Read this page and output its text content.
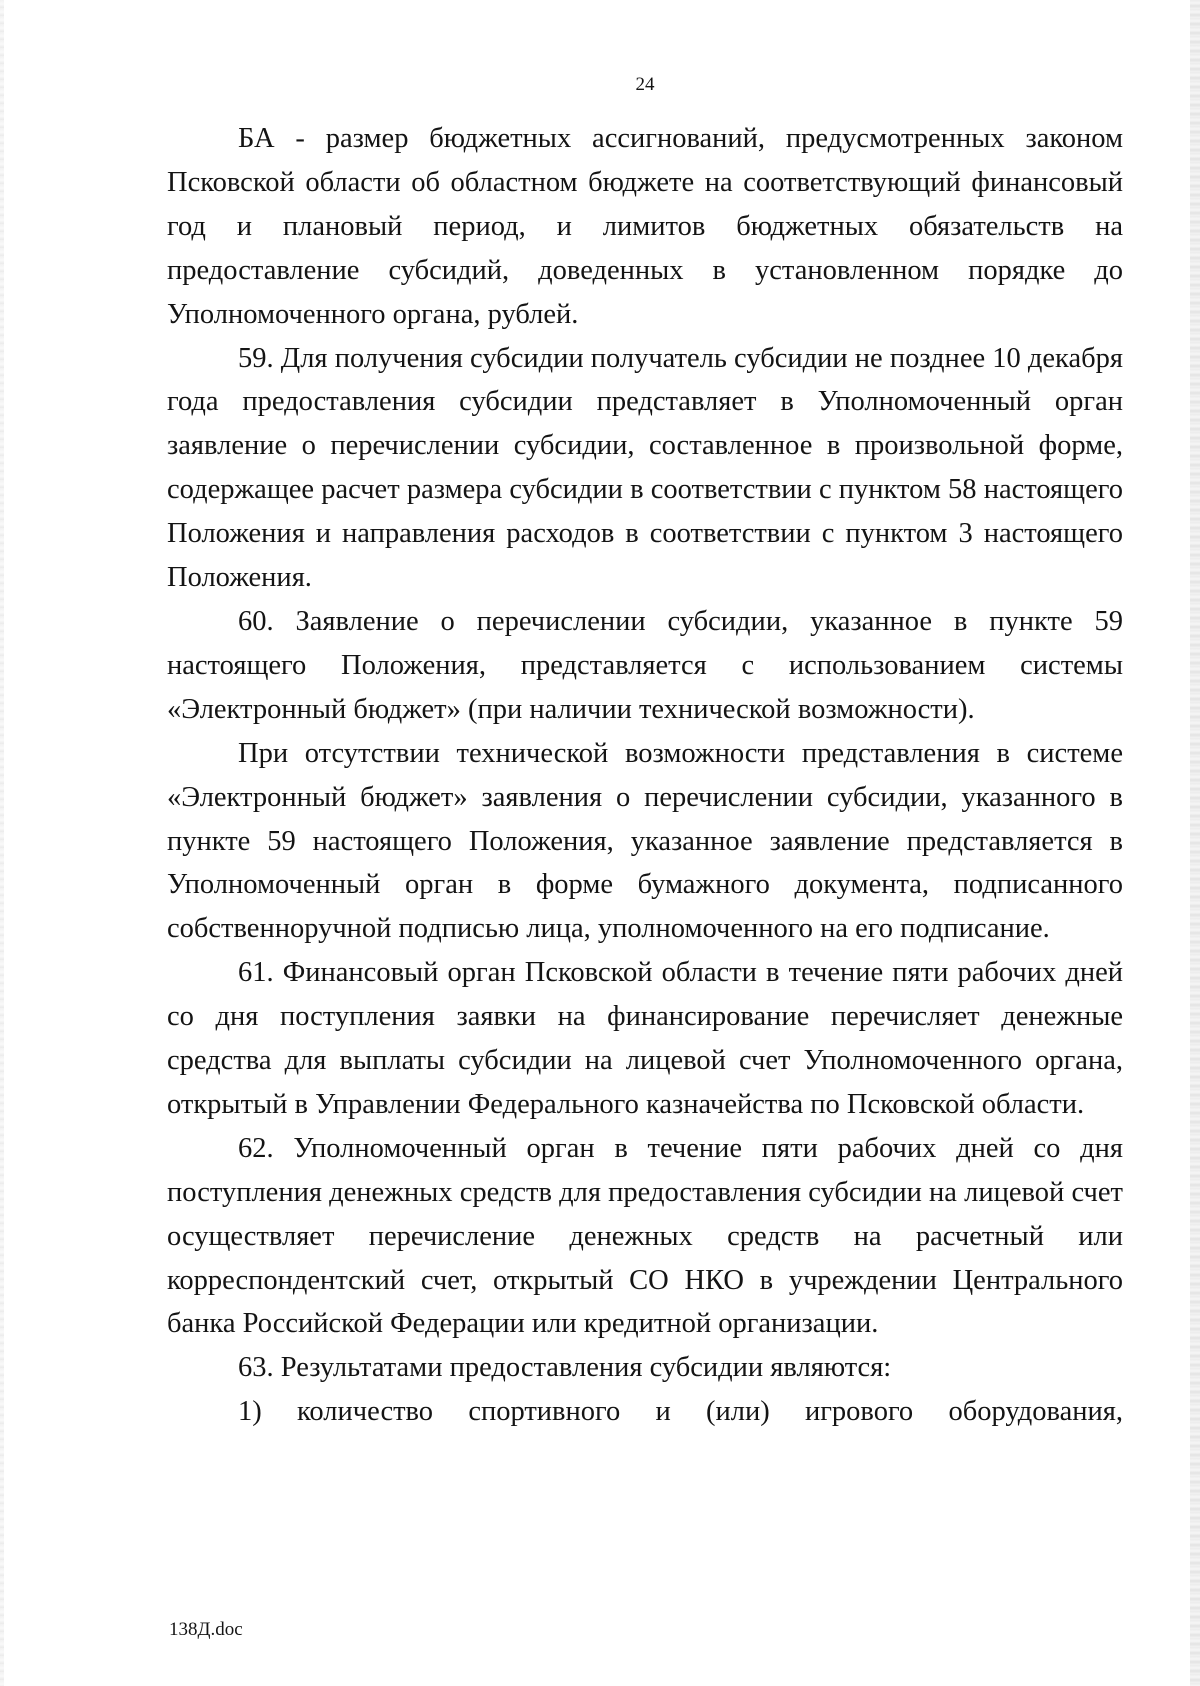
24

БА - размер бюджетных ассигнований, предусмотренных законом Псковской области об областном бюджете на соответствующий финансовый год и плановый период, и лимитов бюджетных обязательств на предоставление субсидий, доведенных в установленном порядке до Уполномоченного органа, рублей.

59. Для получения субсидии получатель субсидии не позднее 10 декабря года предоставления субсидии представляет в Уполномоченный орган заявление о перечислении субсидии, составленное в произвольной форме, содержащее расчет размера субсидии в соответствии с пунктом 58 настоящего Положения и направления расходов в соответствии с пунктом 3 настоящего Положения.

60. Заявление о перечислении субсидии, указанное в пункте 59 настоящего Положения, представляется с использованием системы «Электронный бюджет» (при наличии технической возможности).

При отсутствии технической возможности представления в системе «Электронный бюджет» заявления о перечислении субсидии, указанного в пункте 59 настоящего Положения, указанное заявление представляется в Уполномоченный орган в форме бумажного документа, подписанного собственноручной подписью лица, уполномоченного на его подписание.

61. Финансовый орган Псковской области в течение пяти рабочих дней со дня поступления заявки на финансирование перечисляет денежные средства для выплаты субсидии на лицевой счет Уполномоченного органа, открытый в Управлении Федерального казначейства по Псковской области.

62. Уполномоченный орган в течение пяти рабочих дней со дня поступления денежных средств для предоставления субсидии на лицевой счет осуществляет перечисление денежных средств на расчетный или корреспондентский счет, открытый СО НКО в учреждении Центрального банка Российской Федерации или кредитной организации.

63. Результатами предоставления субсидии являются:

1) количество спортивного и (или) игрового оборудования,

138Д.doc
